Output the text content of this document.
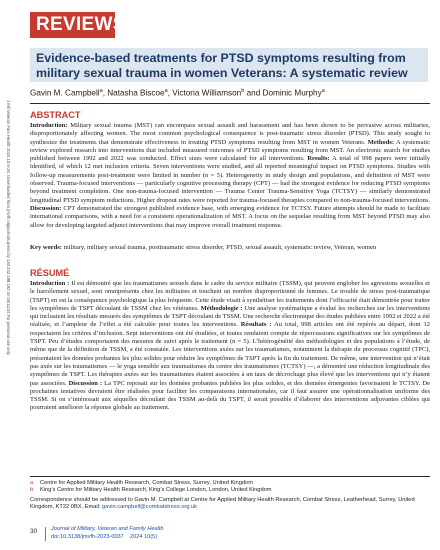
J Mil Veteran Fam Health 2024.10:5-26. Downloaded from jmvfh.utpjournals.press by 130.242.188.192 on 05/11/24 For personal use only.
REVIEWS
Evidence-based treatments for PTSD symptoms resulting from military sexual trauma in women Veterans: A systematic review
Gavin M. Campbell$^a$, Natasha Biscoe$^a$, Victoria Williamson$^b$ and Dominic Murphy$^a$
ABSTRACT
Introduction: Military sexual trauma (MST) can encompass sexual assault and harassment and has been shown to be pervasive across militaries, disproportionately affecting women. The most common psychological consequence is post-traumatic stress disorder (PTSD). This study sought to synthesize the treatments that demonstrate effectiveness in treating PTSD symptoms resulting from MST in women Veterans. Methods: A systematic review explored research into interventions that included measured outcomes of PTSD symptoms resulting from MST. An electronic search for studies published between 1992 and 2022 was conducted. Effect sizes were calculated for all interventions. Results: A total of 998 papers were initially identified, of which 12 met inclusion criteria. Seven interventions were studied, and all reported meaningful impact on PTSD symptoms. Studies with follow-up measurements post-treatment were limited in number (n = 5). Heterogeneity in study design and populations, and definition of MST were observed. Trauma-focused interventions — particularly cognitive processing therapy (CPT) — had the strongest evidence for reducing PTSD symptoms beyond treatment completion. One non-trauma-focused intervention — Trauma Center Trauma-Sensitive Yoga (TCTSY) — similarly demonstrated longitudinal PTSD symptom reductions. Higher dropout rates were reported for trauma-focused therapies compared to non-trauma-focused interventions. Discussion: CPT demonstrated the strongest published evidence base, with emerging evidence for TCTSY. Future attempts should be made to facilitate international comparisons, with a need for a consistent operationalization of MST. A focus on the sequelae resulting from MST beyond PTSD may also allow for developing targeted adjunct interventions that may improve overall treatment response.
Key words: military, military sexual trauma, posttraumatic stress disorder, PTSD, sexual assault, systematic review, Veteran, women
RÉSUMÉ
Introduction : Il est démontré que les traumatismes sexuels dans le cadre du service militaire (TSSM), qui peuvent englober les agressions sexuelles et le harcèlement sexuel, sont omniprésents chez les militaires et touchent un nombre disproportionné de femmes. Le trouble de stress post-traumatique (TSPT) en est la conséquence psychologique la plus fréquente. Cette étude visait à synthétiser les traitements dont l’efficacité était démontrée pour traiter les symptômes de TSPT découlant de TSSM chez les vétéranes. Méthodologie : Une analyse systématique a évalué les recherches sur les interventions qui incluaient les résultats mesurés des symptômes de TSPT découlant de TSSM. Une recherche électronique des études publiées entre 1992 et 2022 a été réalisée, et l’ampleur de l’effet a été calculée pour toutes les interventions. Résultats : Au total, 998 articles ont été repérés au départ, dont 12 respectaient les critères d’inclusion. Sept interventions ont été étudiées, et toutes rendaient compte de répercussions significatives sur les symptômes de TSPT. Peu d’études comportaient des mesures de suivi après le traitement (n = 5). L’hétérogénéité des méthodologies et des populations à l’étude, de même que de la définition de TSSM, a été constatée. Les interventions axées sur les traumatismes, notamment la thérapie du processus cognitif (TPC), présentaient les données probantes les plus solides pour réduire les symptômes de TSPT après la fin du traitement. De même, une intervention qui n’était pas axée sur les traumatismes — le yoga sensible aux traumatismes du centre des traumatismes (TCTSY) —, a démontré une réduction longitudinale des symptômes de TSPT. Les thérapies axées sur les traumatismes étaient associées à un taux de décrochage plus élevé que les interventions qui n’y étaient pas associées. Discussion : La TPC reposait sur les données probantes publiées les plus solides, et des données émergentes favorisaient le TCTSY. De prochaines tentatives devraient être réalisées pour faciliter les comparaisons internationales, car il faut assurer une opérationnalisation uniforme des TSSM. Si on s’intéressait aux séquelles découlant des TSSM au-delà du TSPT, il serait possible d’élaborer des interventions adjuvantes ciblées qui pourraient améliorer la réponse globale au traitement.
a Centre for Applied Military Health Research, Combat Stress, Surrey, United Kingdom
b King’s Centre for Military Health Research, King’s College London, London, United Kingdom
Correspondence should be addressed to Gavin M. Campbell at Centre for Applied Military Health Research, Combat Stress, Leatherhead, Surrey, United Kingdom, KT22 0BX. Email: gavin.campbell@combatstress.org.uk
30 Journal of Military, Veteran and Family Health
doi:10.3138/jmvfh-2023-0037 2024 10(5)
